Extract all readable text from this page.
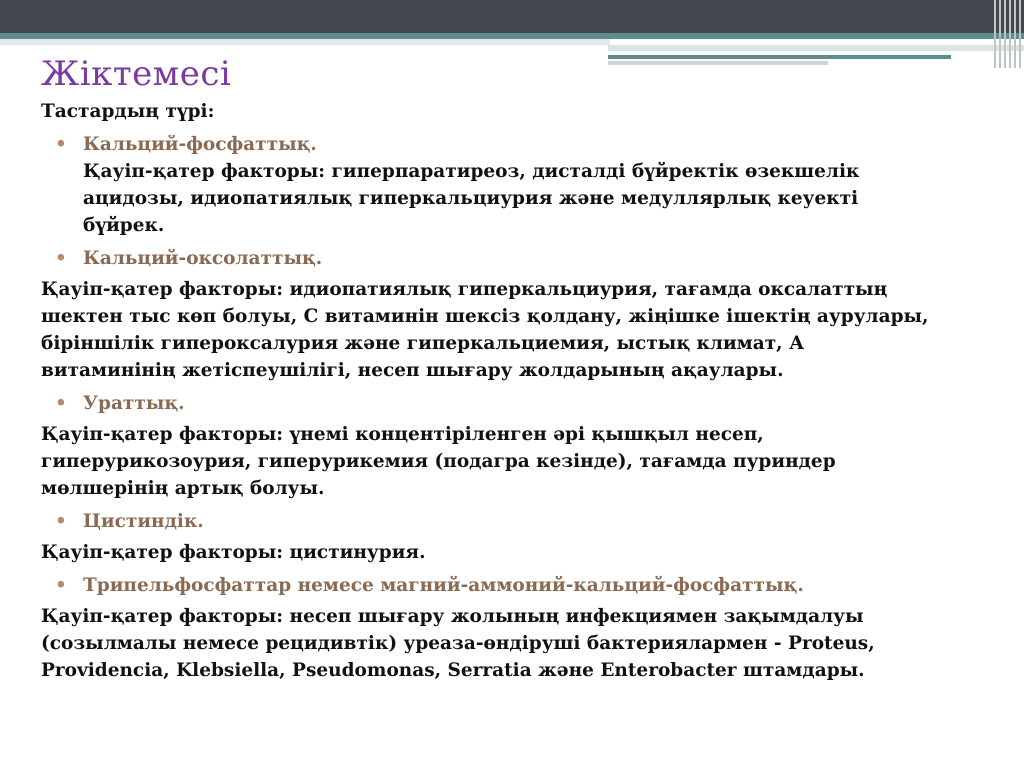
Жіктемесі

Тастардың түрі:

• Кальций-фосфаттық.

Қауіп-қатер факторы: гиперпаратиреоз, дисталді бүйректік өзекшелік ацидозы, идиопатиялық гиперкальциурия және медуллярлық кеуекті бүйрек.

• Кальций-оксолаттық.

Қауіп-қатер факторы: идиопатиялық гиперкальциурия, тағамда оксалаттың шектен тыс көп болуы, С витаминін шексіз қолдану, жіңішке ішектің аурулары, біріншілік гипероксалурия және гиперкальциемия, ыстық климат, А витаминінің жетіспеушілігі, несеп шығару жолдарының ақаулары.

• Ураттық.

Қауіп-қатер факторы: үнемі концентіріленген әрі қышқыл несеп, гиперурикозоурия, гиперурикемия (подагра кезінде), тағамда пуриндер мөлшерінің артық болуы.

• Цистиндік.

Қауіп-қатер факторы: цистинурия.

• Трипельфосфаттар немесе магний-аммоний-кальций-фосфаттық.

Қауіп-қатер факторы: несеп шығару жолының инфекциямен зақымдалуы (созылмалы немесе рецидивтік) уреаза-өндіруші бактериялармен - Proteus, Providencia, Klebsiella, Pseudomonas, Serratia және Enterobacter штамдары.
